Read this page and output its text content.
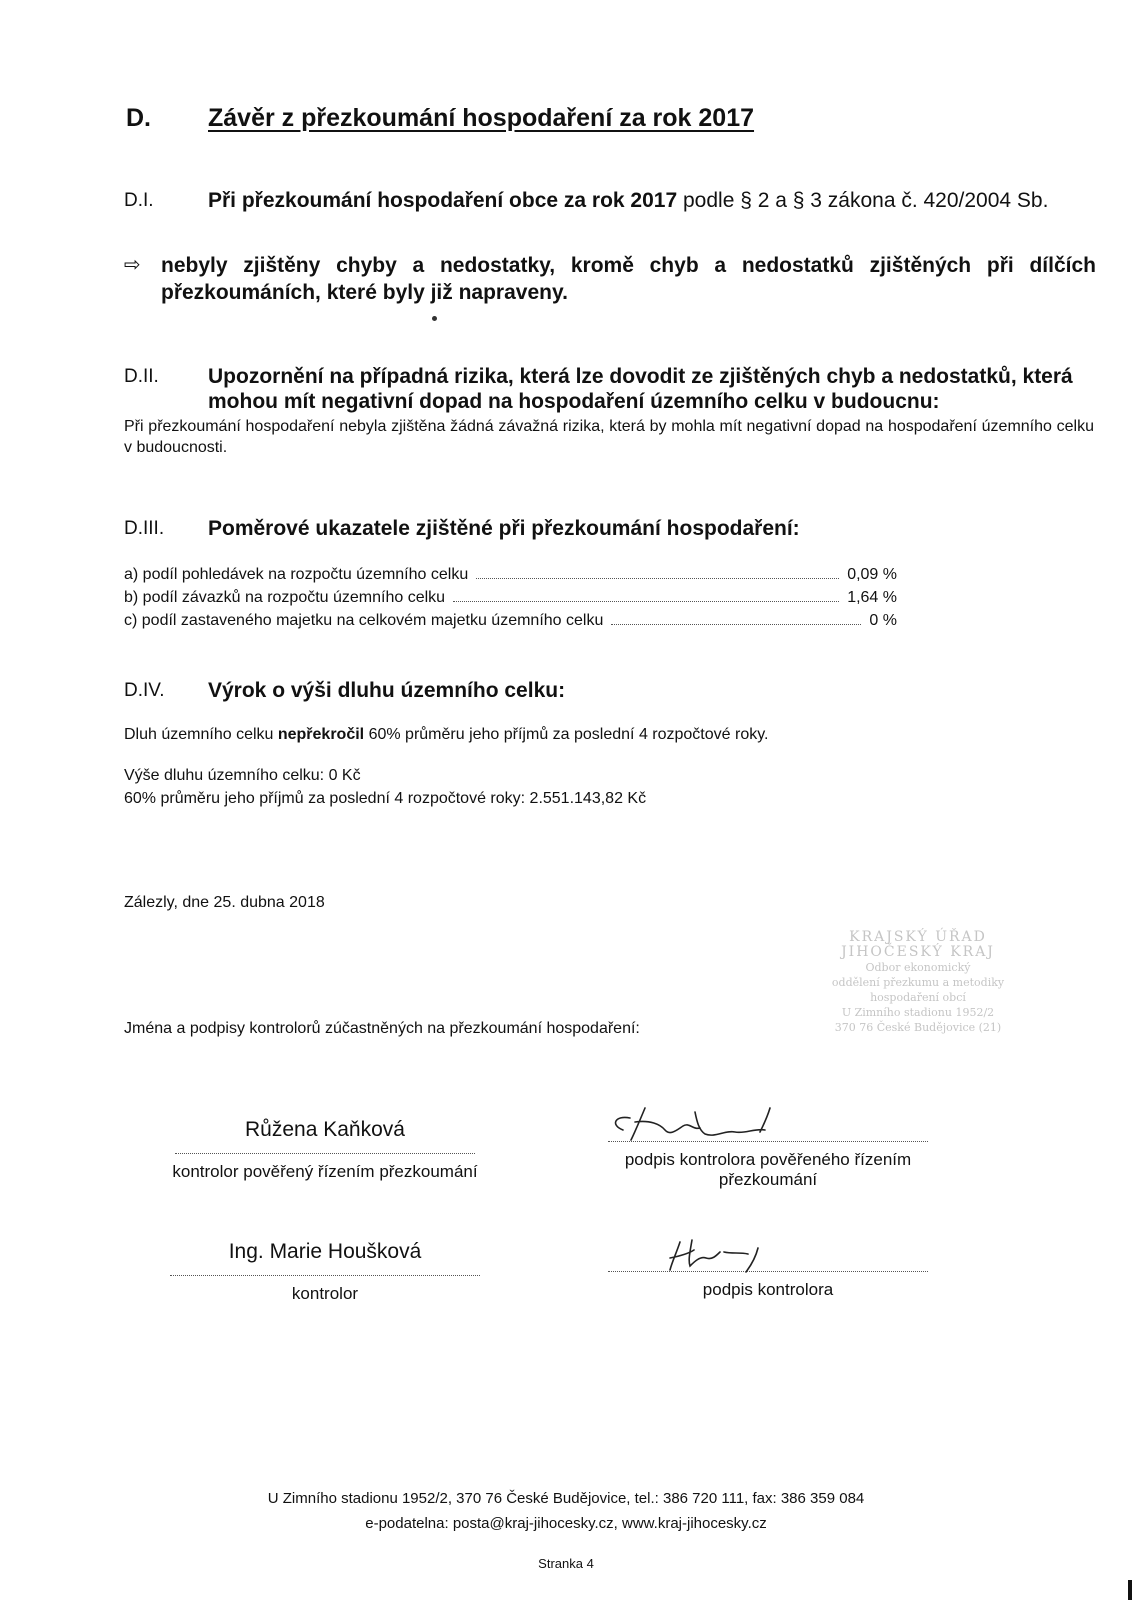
D. Závěr z přezkoumání hospodaření za rok 2017
D.I.	Při přezkoumání hospodaření obce za rok 2017 podle § 2 a § 3 zákona č. 420/2004 Sb.
⇨ nebyly zjištěny chyby a nedostatky, kromě chyb a nedostatků zjištěných při dílčích přezkoumáních, které byly již napraveny.
D.II. Upozornění na případná rizika, která lze dovodit ze zjištěných chyb a nedostatků, která mohou mít negativní dopad na hospodaření územního celku v budoucnu:
Při přezkoumání hospodaření nebyla zjištěna žádná závažná rizika, která by mohla mít negativní dopad na hospodaření územního celku v budoucnosti.
D.III. Poměrové ukazatele zjištěné při přezkoumání hospodaření:
a) podíl pohledávek na rozpočtu územního celku	0,09 %
b) podíl závazků na rozpočtu územního celku	1,64 %
c) podíl zastaveného majetku na celkovém majetku územního celku	0 %
D.IV. Výrok o výši dluhu územního celku:
Dluh územního celku nepřekročil 60% průměru jeho příjmů za poslední 4 rozpočtové roky.
Výše dluhu územního celku: 0 Kč
60% průměru jeho příjmů za poslední 4 rozpočtové roky: 2.551.143,82 Kč
Zálezly, dne 25. dubna 2018
KRAJSKÝ ÚŘAD
JIHOČESKÝ KRAJ
Odbor ekonomický
oddělení přezkumu a metodiky
hospodaření obcí
U Zimního stadionu 1952/2
370 76 České Budějovice (21)
Jména a podpisy kontrolorů zúčastněných na přezkoumání hospodaření:
Růžena Kaňková
kontrolor pověřený řízením přezkoumání
podpis kontrolora pověřeného řízením
přezkoumání
Ing. Marie Houšková
kontrolor	podpis kontrolora
U Zimního stadionu 1952/2, 370 76 České Budějovice, tel.: 386 720 111, fax: 386 359 084
e-podatelna: posta@kraj-jihocesky.cz, www.kraj-jihocesky.cz
Stranka 4
